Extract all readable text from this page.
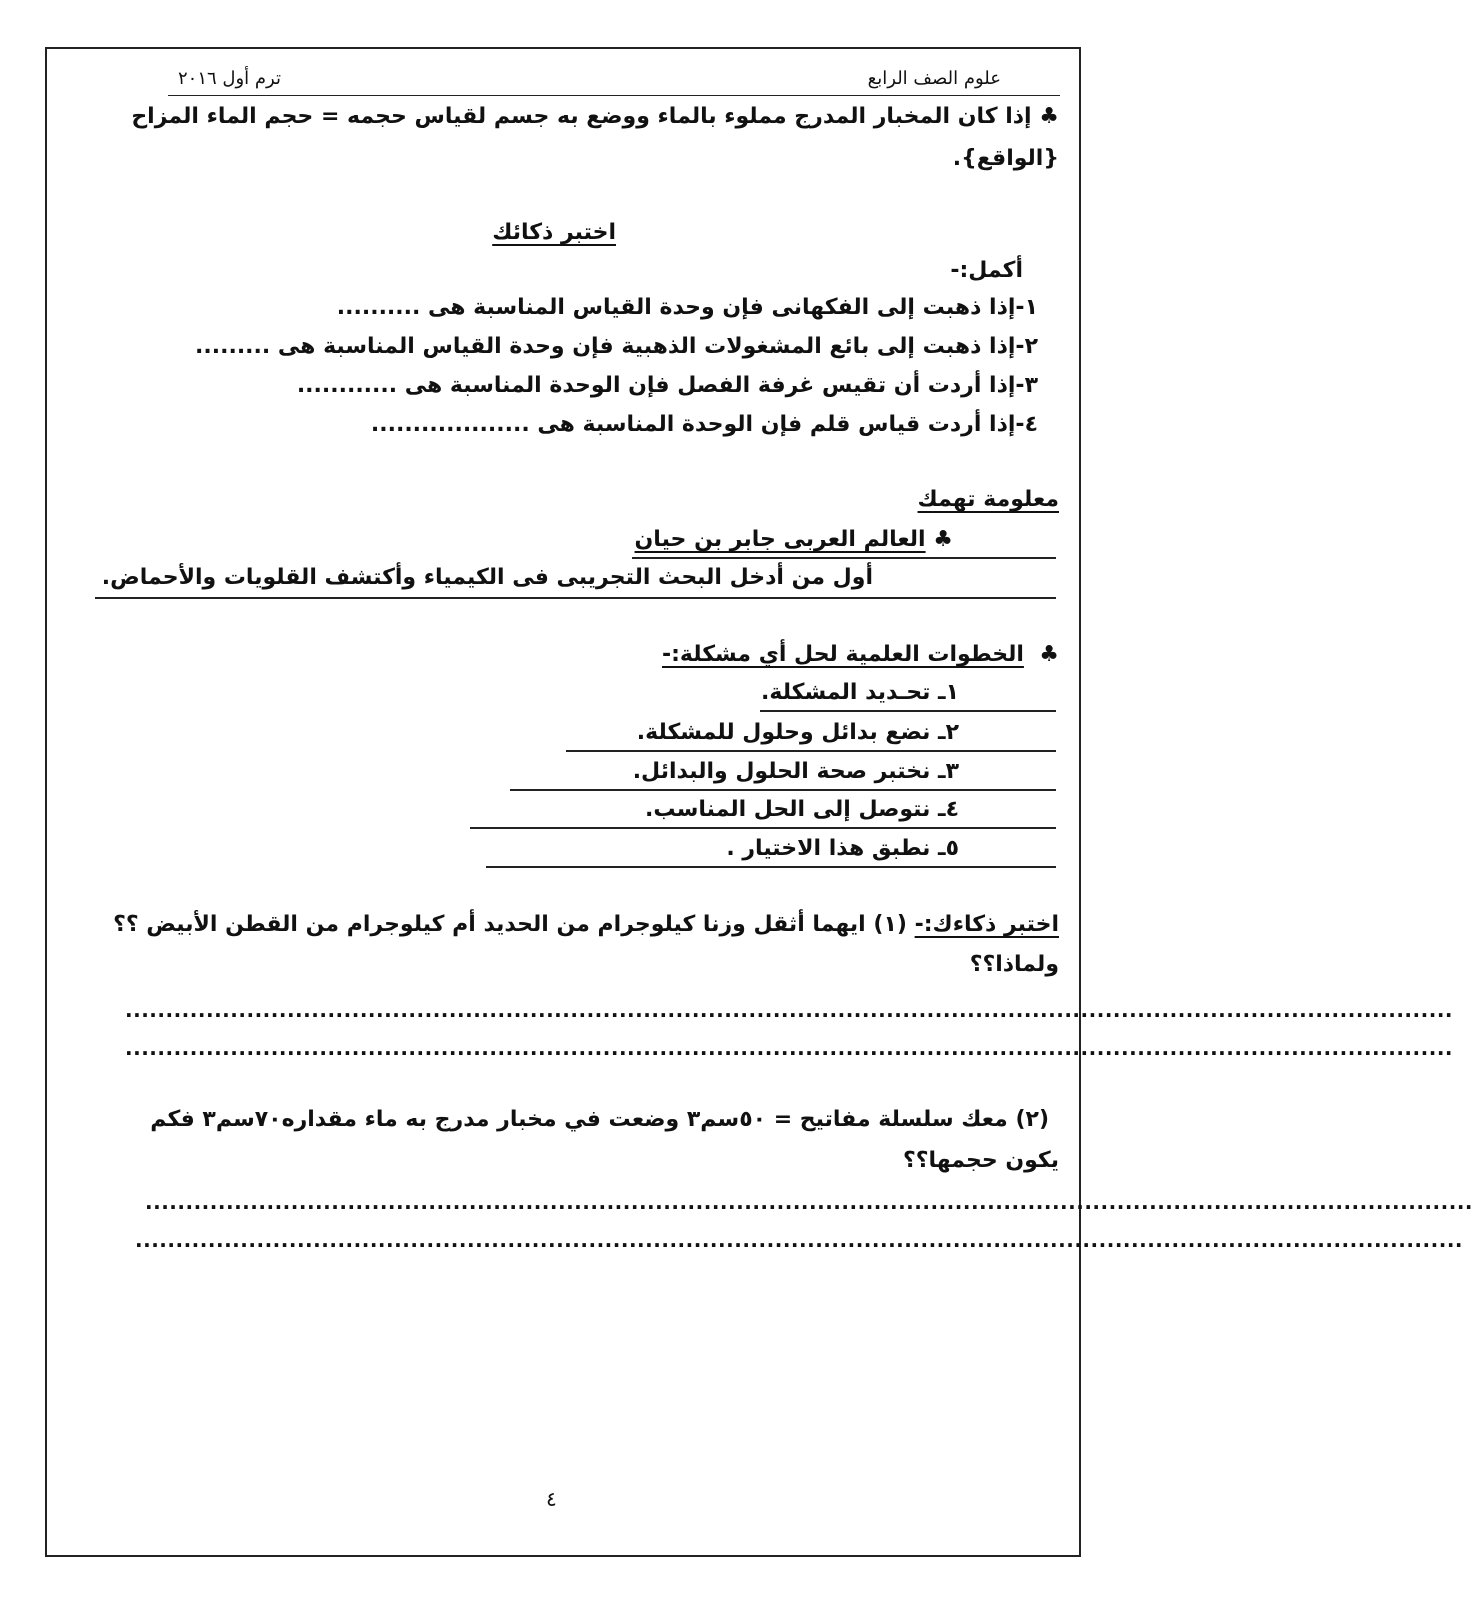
علوم الصف الرابع
ترم أول ٢٠١٦
♣ إذا كان المخبار المدرج مملوء بالماء ووضع به جسم لقياس حجمه = حجم الماء المزاح
{الواقع}.
اختبر ذكائك
أكمل:-
١-إذا ذهبت إلى الفكهانى فإن وحدة القياس المناسبة هى ..........
٢-إذا ذهبت إلى بائع المشغولات الذهبية فإن وحدة القياس المناسبة هى .........
٣-إذا أردت أن تقيس غرفة الفصل فإن الوحدة المناسبة هى ............
٤-إذا أردت قياس قلم فإن الوحدة المناسبة هى ...................
معلومة تهمك
♣ العالم العربى جابر بن حيان
أول من أدخل البحث التجريبى فى الكيمياء وأكتشف القلويات والأحماض.
♣  الخطوات العلمية لحل أي مشكلة:-
١ـ تحـديد المشكلة.
٢ـ نضع بدائل وحلول للمشكلة.
٣ـ نختبر صحة الحلول والبدائل.
٤ـ نتوصل إلى الحل المناسب.
٥ـ نطبق هذا الاختيار .
اختبر ذكاءك:- (١) ايهما أثقل وزنا كيلوجرام من الحديد أم كيلوجرام من القطن الأبيض ؟؟
ولماذا؟؟
....................................................................................................................................................................
....................................................................................................................................................................
(٢) معك سلسلة مفاتيح = ٥٠سم٣ وضعت في مخبار مدرج به ماء مقداره٧٠سم٣ فكم
يكون حجمها؟؟
....................................................................................................................................................................
....................................................................................................................................................................
٤
